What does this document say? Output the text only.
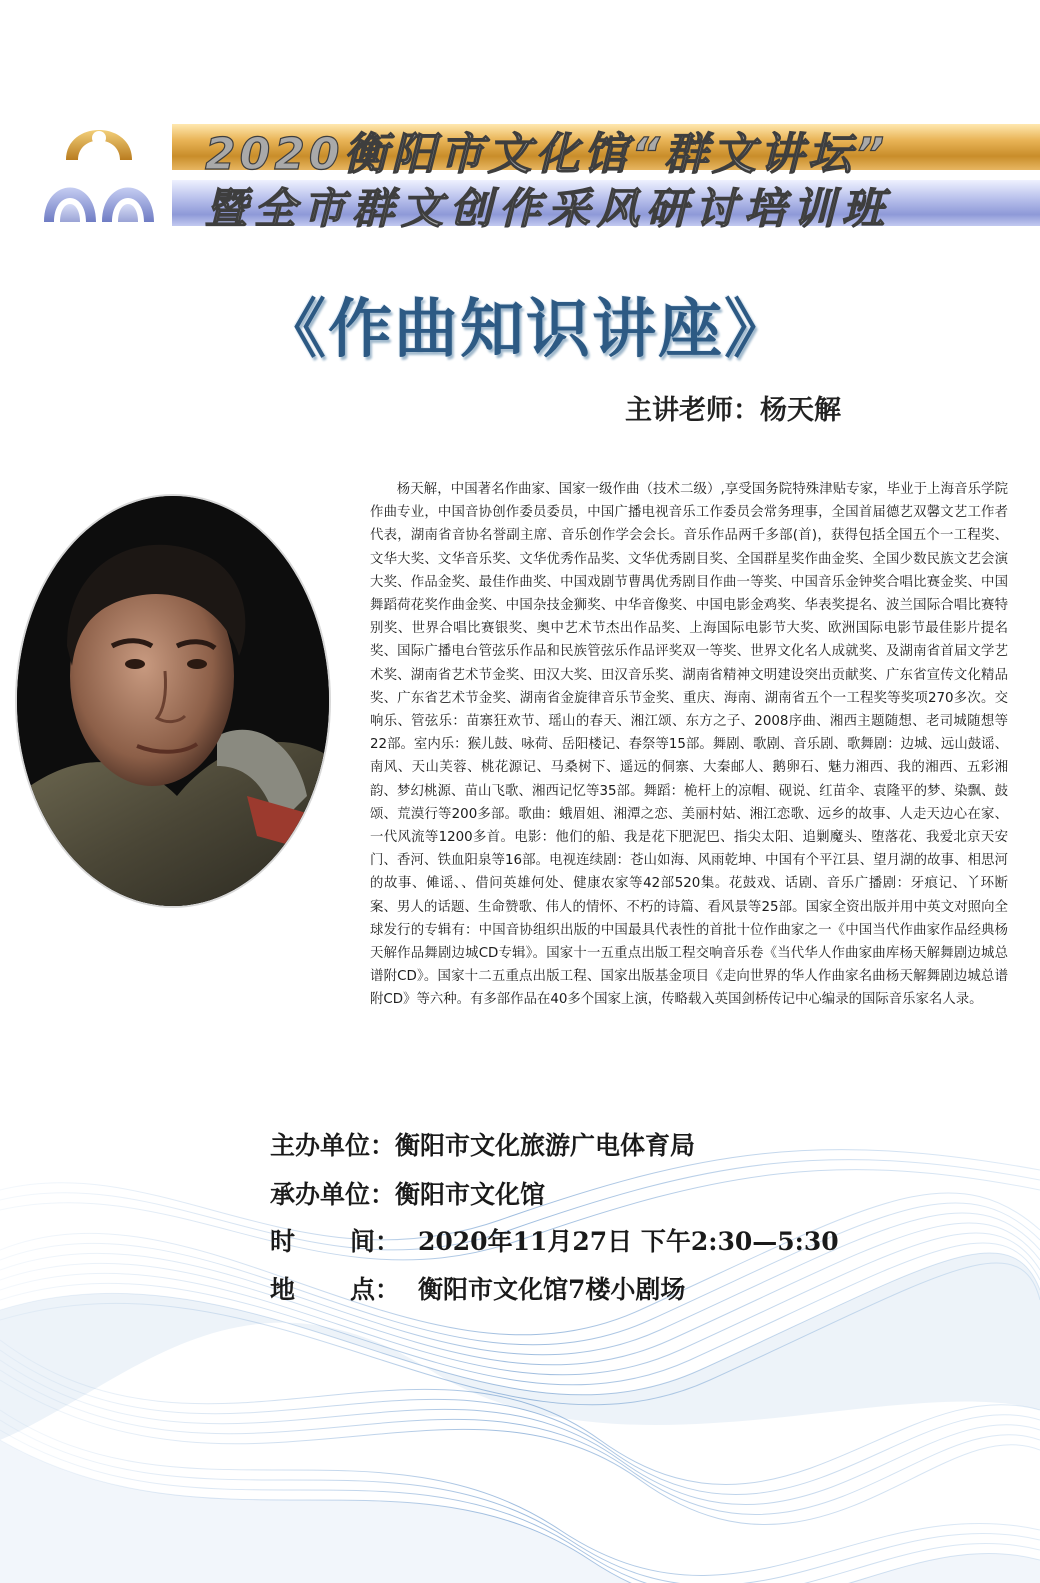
2020衡阳市文化馆“群文讲坛”
暨全市群文创作采风研讨培训班
《作曲知识讲座》
主讲老师：杨天解

杨天解，中国著名作曲家、国家一级作曲（技术二级）,享受国务院特殊津贴专家，毕业于上海音乐学院作曲专业，中国音协创作委员委员，中国广播电视音乐工作委员会常务理事，全国首届德艺双馨文艺工作者代表，湖南省音协名誉副主席、音乐创作学会会长。音乐作品两千多部(首)，获得包括全国五个一工程奖、文华大奖、文华音乐奖、文华优秀作品奖、文华优秀剧目奖、全国群星奖作曲金奖、全国少数民族文艺会演大奖、作品金奖、最佳作曲奖、中国戏剧节曹禺优秀剧目作曲一等奖、中国音乐金钟奖合唱比赛金奖、中国舞蹈荷花奖作曲金奖、中国杂技金狮奖、中华音像奖、中国电影金鸡奖、华表奖提名、波兰国际合唱比赛特别奖、世界合唱比赛银奖、奥中艺术节杰出作品奖、上海国际电影节大奖、欧洲国际电影节最佳影片提名奖、国际广播电台管弦乐作品和民族管弦乐作品评奖双一等奖、世界文化名人成就奖、及湖南省首届文学艺术奖、湖南省艺术节金奖、田汉大奖、田汉音乐奖、湖南省精神文明建设突出贡献奖、广东省宣传文化精品奖、广东省艺术节金奖、湖南省金旋律音乐节金奖、重庆、海南、湖南省五个一工程奖等奖项270多次。交响乐、管弦乐：苗寨狂欢节、瑶山的春天、湘江颂、东方之子、2008序曲、湘西主题随想、老司城随想等22部。室内乐：猴儿鼓、咏荷、岳阳楼记、春祭等15部。舞剧、歌剧、音乐剧、歌舞剧：边城、远山鼓谣、南风、天山芙蓉、桃花源记、马桑树下、遥远的侗寨、大秦邮人、鹅卵石、魅力湘西、我的湘西、五彩湘韵、梦幻桃源、苗山飞歌、湘西记忆等35部。舞蹈：桅杆上的凉帽、砚说、红苗伞、袁隆平的梦、染飘、鼓颂、荒漠行等200多部。歌曲：蛾眉姐、湘潭之恋、美丽村姑、湘江恋歌、远乡的故事、人走天边心在家、一代风流等1200多首。电影：他们的船、我是花下肥泥巴、指尖太阳、追剿魔头、堕落花、我爱北京天安门、香河、铁血阳泉等16部。电视连续剧：苍山如海、风雨乾坤、中国有个平江县、望月湖的故事、相思河的故事、傩谣、、借问英雄何处、健康农家等42部520集。花鼓戏、话剧、音乐广播剧：牙痕记、丫环断案、男人的话题、生命赞歌、伟人的情怀、不朽的诗篇、看风景等25部。国家全资出版并用中英文对照向全球发行的专辑有：中国音协组织出版的中国最具代表性的首批十位作曲家之一《中国当代作曲家作品经典杨天解作品舞剧边城CD专辑》。国家十一五重点出版工程交响音乐卷《当代华人作曲家曲库杨天解舞剧边城总谱附CD》。国家十二五重点出版工程、国家出版基金项目《走向世界的华人作曲家名曲杨天解舞剧边城总谱附CD》等六种。有多部作品在40多个国家上演，传略载入英国剑桥传记中心编录的国际音乐家名人录。

主办单位：衡阳市文化旅游广电体育局
承办单位：衡阳市文化馆
时 间： 2020年11月27日 下午2:30—5:30
地 点： 衡阳市文化馆7楼小剧场
